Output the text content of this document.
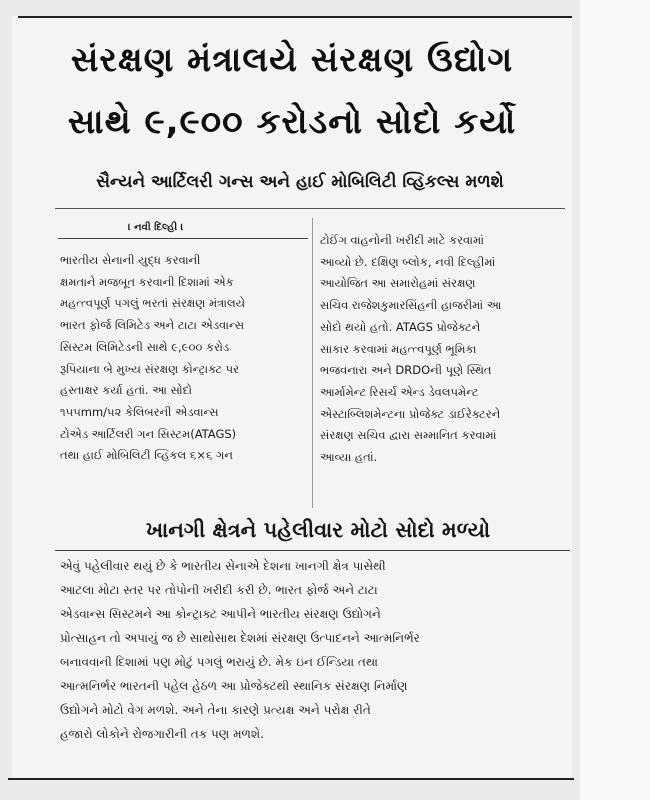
સંરક્ષણ મંત્રાલયે સંરક્ષણ ઉદ્યોગ
સાથે ૯,૯૦૦ કરોડનો સોદો કર્યો
સૈન્યને આર્ટિલરી ગન્સ અને હાઈ મોબિલિટી વ્હિકલ્સ મળશે
। નવી દિલ્હી ।

ભારતીય સેનાની યુદ્ધ કરવાની
ક્ષમતાને મજબૂત કરવાની દિશામાં એક
મહત્ત્વપૂર્ણ પગલું ભરતાં સંરક્ષણ મંત્રાલયે
ભારત ફોર્જ લિમિટેડ અને ટાટા એડવાન્સ
સિસ્ટમ લિમિટેડની સાથે ૯,૯૦૦ કરોડ
રૂપિયાના બે મુખ્ય સંરક્ષણ કોન્ટ્રાક્ટ પર
હસ્તાક્ષર કર્યા હતાં. આ સોદો
૧૫૫mm/૫૨ કેલિબરની એડવાન્સ
ટોએડ આર્ટિલરી ગન સિસ્ટમ(ATAGS)
તથા હાઈ મોબિલિટી વ્હિકલ ૬×૬ ગન

ટોઈંગ વાહનોની ખરીદી માટે કરવામાં
આવ્યો છે. દક્ષિણ બ્લોક, નવી દિલ્હીમાં
આયોજિત આ સમારોહમાં સંરક્ષણ
સચિવ રાજેશકુમારસિંહની હાજરીમાં આ
સોદો થયો હતો. ATAGS પ્રોજેક્ટને
સાકાર કરવામાં મહત્ત્વપૂર્ણ ભૂમિકા
ભજવનારા અને DRDOની પૂણે સ્થિત
આર્મામેન્ટ રિસર્ચ એન્ડ ડેવલપમેન્ટ
એસ્ટાબ્લિશમેન્ટના પ્રોજેક્ટ ડાઈરેક્ટરને
સંરક્ષણ સચિવ દ્વારા સમ્માનિત કરવામાં
આવ્યા હતાં.

ખાનગી ક્ષેત્રને પહેલીવાર મોટો સોદો મળ્યો

એવું પહેલીવાર થયું છે કે ભારતીય સેનાએ દેશના ખાનગી ક્ષેત્ર પાસેથી
આટલા મોટા સ્તર પર તોપોની ખરીદી કરી છે. ભારત ફોર્જ અને ટાટા
એડવાન્સ સિસ્ટમને આ કોન્ટ્રાક્ટ આપીને ભારતીય સંરક્ષણ ઉદ્યોગને
પ્રોત્સાહન તો અપાયું જ છે સાથોસાથ દેશમાં સંરક્ષણ ઉત્પાદનને આત્મનિર્ભર
બનાવવાની દિશામાં પણ મોટું પગલું ભરાયું છે. મેક ઇન ઈન્ડિયા તથા
આત્મનિર્ભર ભારતની પહેલ હેઠળ આ પ્રોજેક્ટથી સ્થાનિક સંરક્ષણ નિર્માણ
ઉદ્યોગને મોટો વેગ મળશે. અને તેના કારણે પ્રત્યક્ષ અને પરોક્ષ રીતે
હજારો લોકોને રોજગારીની તક પણ મળશે.
